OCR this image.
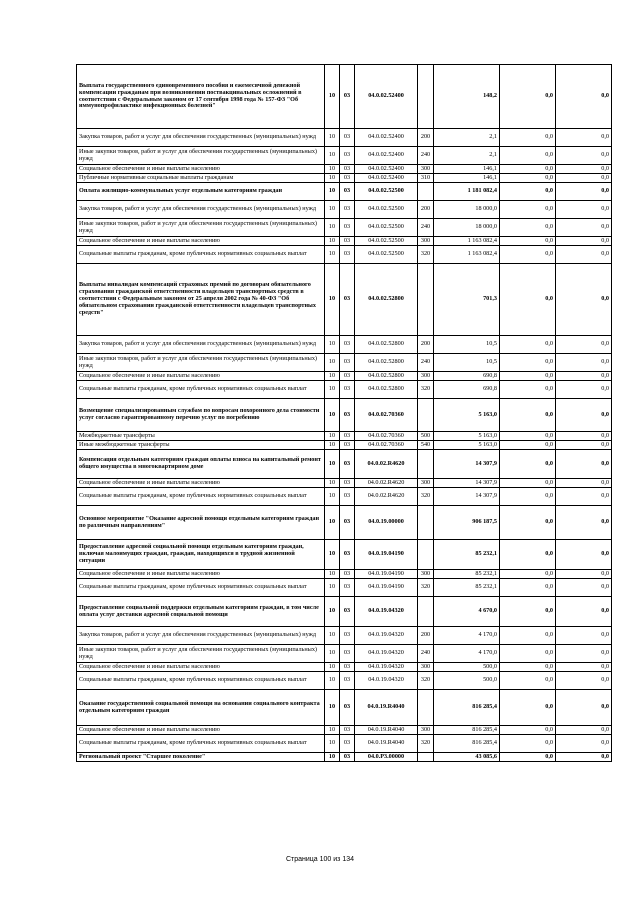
Выплата государственного единовременного пособия и ежемесячной денежной компенсации гражданам при возникновении поствакцинальных осложнений в соответствии с Федеральным законом от 17 сентября 1998 года № 157-ФЗ "Об иммунопрофилактике инфекционных болезней"	10	03	04.0.02.52400		148,2	0,0	0,0
Закупка товаров, работ и услуг для обеспечения государственных (муниципальных) нужд	10	03	04.0.02.52400	200	2,1	0,0	0,0
Иные закупки товаров, работ и услуг для обеспечения государственных (муниципальных) нужд	10	03	04.0.02.52400	240	2,1	0,0	0,0
Социальное обеспечение и иные выплаты населению	10	03	04.0.02.52400	300	146,1	0,0	0,0
Публичные нормативные социальные выплаты гражданам	10	03	04.0.02.52400	310	146,1	0,0	0,0
Оплата жилищно-коммунальных услуг отдельным категориям граждан	10	03	04.0.02.52500		1 181 082,4	0,0	0,0
Закупка товаров, работ и услуг для обеспечения государственных (муниципальных) нужд	10	03	04.0.02.52500	200	18 000,0	0,0	0,0
Иные закупки товаров, работ и услуг для обеспечения государственных (муниципальных) нужд	10	03	04.0.02.52500	240	18 000,0	0,0	0,0
Социальное обеспечение и иные выплаты населению	10	03	04.0.02.52500	300	1 163 082,4	0,0	0,0
Социальные выплаты гражданам, кроме публичных нормативных социальных выплат	10	03	04.0.02.52500	320	1 163 082,4	0,0	0,0
Выплаты инвалидам компенсаций страховых премий по договорам обязательного страхования гражданской ответственности владельцев транспортных средств в соответствии с Федеральным законом от 25 апреля 2002 года № 40-ФЗ "Об обязательном страховании гражданской ответственности владельцев транспортных средств"	10	03	04.0.02.52800		701,3	0,0	0,0
Закупка товаров, работ и услуг для обеспечения государственных (муниципальных) нужд	10	03	04.0.02.52800	200	10,5	0,0	0,0
Иные закупки товаров, работ и услуг для обеспечения государственных (муниципальных) нужд	10	03	04.0.02.52800	240	10,5	0,0	0,0
Социальное обеспечение и иные выплаты населению	10	03	04.0.02.52800	300	690,8	0,0	0,0
Социальные выплаты гражданам, кроме публичных нормативных социальных выплат	10	03	04.0.02.52800	320	690,8	0,0	0,0
Возмещение специализированным службам по вопросам похоронного дела стоимости услуг согласно гарантированному перечню услуг по погребению	10	03	04.0.02.70360		5 163,0	0,0	0,0
Межбюджетные трансферты	10	03	04.0.02.70360	500	5 163,0	0,0	0,0
Иные межбюджетные трансферты	10	03	04.0.02.70360	540	5 163,0	0,0	0,0
Компенсация отдельным категориям граждан оплаты взноса на капитальный ремонт общего имущества в многоквартирном доме	10	03	04.0.02.R4620		14 307,9	0,0	0,0
Социальное обеспечение и иные выплаты населению	10	03	04.0.02.R4620	300	14 307,9	0,0	0,0
Социальные выплаты гражданам, кроме публичных нормативных социальных выплат	10	03	04.0.02.R4620	320	14 307,9	0,0	0,0
Основное мероприятие "Оказание адресной помощи отдельным категориям граждан по различным направлениям"	10	03	04.0.19.00000		906 187,5	0,0	0,0
Предоставление адресной социальной помощи отдельным категориям граждан, включая малоимущих граждан, граждан, находящихся в трудной жизненной ситуации	10	03	04.0.19.04190		85 232,1	0,0	0,0
Социальное обеспечение и иные выплаты населению	10	03	04.0.19.04190	300	85 232,1	0,0	0,0
Социальные выплаты гражданам, кроме публичных нормативных социальных выплат	10	03	04.0.19.04190	320	85 232,1	0,0	0,0
Предоставление социальной поддержки отдельным категориям граждан, в том числе оплата услуг доставки адресной социальной помощи	10	03	04.0.19.04320		4 670,0	0,0	0,0
Закупка товаров, работ и услуг для обеспечения государственных (муниципальных) нужд	10	03	04.0.19.04320	200	4 170,0	0,0	0,0
Иные закупки товаров, работ и услуг для обеспечения государственных (муниципальных) нужд	10	03	04.0.19.04320	240	4 170,0	0,0	0,0
Социальное обеспечение и иные выплаты населению	10	03	04.0.19.04320	300	500,0	0,0	0,0
Социальные выплаты гражданам, кроме публичных нормативных социальных выплат	10	03	04.0.19.04320	320	500,0	0,0	0,0
Оказание государственной социальной помощи на основании социального контракта отдельным категориям граждан	10	03	04.0.19.R4040		816 285,4	0,0	0,0
Социальное обеспечение и иные выплаты населению	10	03	04.0.19.R4040	300	816 285,4	0,0	0,0
Социальные выплаты гражданам, кроме публичных нормативных социальных выплат	10	03	04.0.19.R4040	320	816 285,4	0,0	0,0
Региональный проект "Старшее поколение"	10	03	04.0.P3.00000		43 085,6	0,0	0,0
Страница 100 из 134
